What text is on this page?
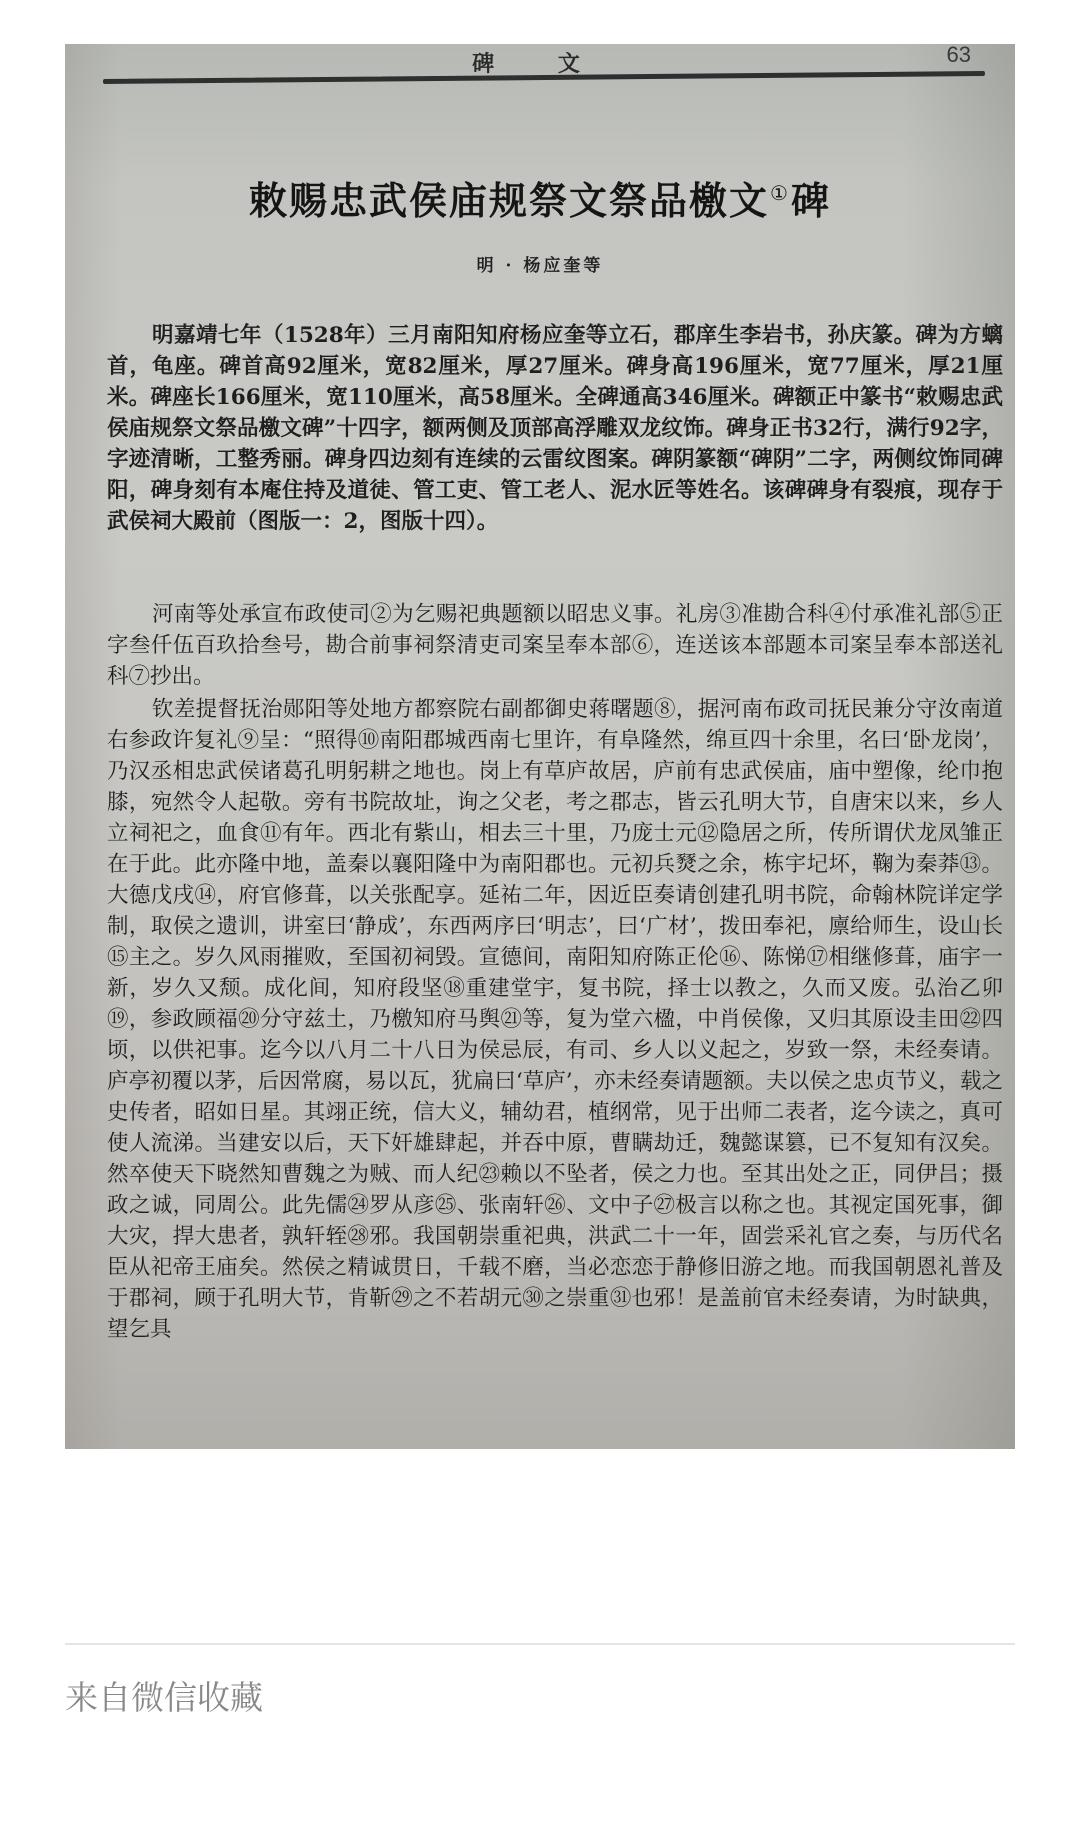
碑 文	63
敕赐忠武侯庙规祭文祭品檄文①碑
明 · 杨应奎等
明嘉靖七年（1528年）三月南阳知府杨应奎等立石，郡庠生李岩书，孙庆篆。碑为方螭首，龟座。碑首高92厘米，宽82厘米，厚27厘米。碑身高196厘米，宽77厘米，厚21厘米。碑座长166厘米，宽110厘米，高58厘米。全碑通高346厘米。碑额正中篆书“敕赐忠武侯庙规祭文祭品檄文碑”十四字，额两侧及顶部高浮雕双龙纹饰。碑身正书32行，满行92字，字迹清晰，工整秀丽。碑身四边刻有连续的云雷纹图案。碑阴篆额“碑阴”二字，两侧纹饰同碑阳，碑身刻有本庵住持及道徒、管工吏、管工老人、泥水匠等姓名。该碑碑身有裂痕，现存于武侯祠大殿前（图版一：2，图版十四）。
河南等处承宣布政使司②为乞赐祀典题额以昭忠义事。礼房③准勘合科④付承准礼部⑤正字叁仟伍百玖拾叁号，勘合前事祠祭清吏司案呈奉本部⑥，连送该本部题本司案呈奉本部送礼科⑦抄出。
钦差提督抚治郧阳等处地方都察院右副都御史蒋曙题⑧，据河南布政司抚民兼分守汝南道右参政许复礼⑨呈：“照得⑩南阳郡城西南七里许，有阜隆然，绵亘四十余里，名曰‘卧龙岗’，乃汉丞相忠武侯诸葛孔明躬耕之地也。岗上有草庐故居，庐前有忠武侯庙，庙中塑像，纶巾抱膝，宛然令人起敬。旁有书院故址，询之父老，考之郡志，皆云孔明大节，自唐宋以来，乡人立祠祀之，血食⑪有年。西北有紫山，相去三十里，乃庞士元⑫隐居之所，传所谓伏龙凤雏正在于此。此亦隆中地，盖秦以襄阳隆中为南阳郡也。元初兵燹之余，栋宇圮坏，鞠为秦莽⑬。大德戊戌⑭，府官修葺，以关张配享。延祐二年，因近臣奏请创建孔明书院，命翰林院详定学制，取侯之遗训，讲室曰‘静成’，东西两序曰‘明志’，曰‘广材’，拨田奉祀，廪给师生，设山长⑮主之。岁久风雨摧败，至国初祠毁。宣德间，南阳知府陈正伦⑯、陈悌⑰相继修葺，庙宇一新，岁久又颓。成化间，知府段坚⑱重建堂宇，复书院，择士以教之，久而又废。弘治乙卯⑲，参政顾福⑳分守兹土，乃檄知府马舆㉑等，复为堂六楹，中肖侯像，又归其原设圭田㉒四顷，以供祀事。迄今以八月二十八日为侯忌辰，有司、乡人以义起之，岁致一祭，未经奏请。庐亭初覆以茅，后因常腐，易以瓦，犹扁曰‘草庐’，亦未经奏请题额。夫以侯之忠贞节义，载之史传者，昭如日星。其翊正统，信大义，辅幼君，植纲常，见于出师二表者，迄今读之，真可使人流涕。当建安以后，天下奸雄肆起，并吞中原，曹瞒劫迁，魏懿谋篡，已不复知有汉矣。然卒使天下晓然知曹魏之为贼、而人纪㉓赖以不坠者，侯之力也。至其出处之正，同伊吕；摄政之诚，同周公。此先儒㉔罗从彦㉕、张南轩㉖、文中子㉗极言以称之也。其视定国死事，御大灾，捍大患者，孰轩轾㉘邪。我国朝崇重祀典，洪武二十一年，固尝采礼官之奏，与历代名臣从祀帝王庙矣。然侯之精诚贯日，千载不磨，当必恋恋于静修旧游之地。而我国朝恩礼普及于郡祠，顾于孔明大节，肯靳㉙之不若胡元㉚之崇重㉛也邪！是盖前官未经奏请，为时缺典，望乞具
来自微信收藏
